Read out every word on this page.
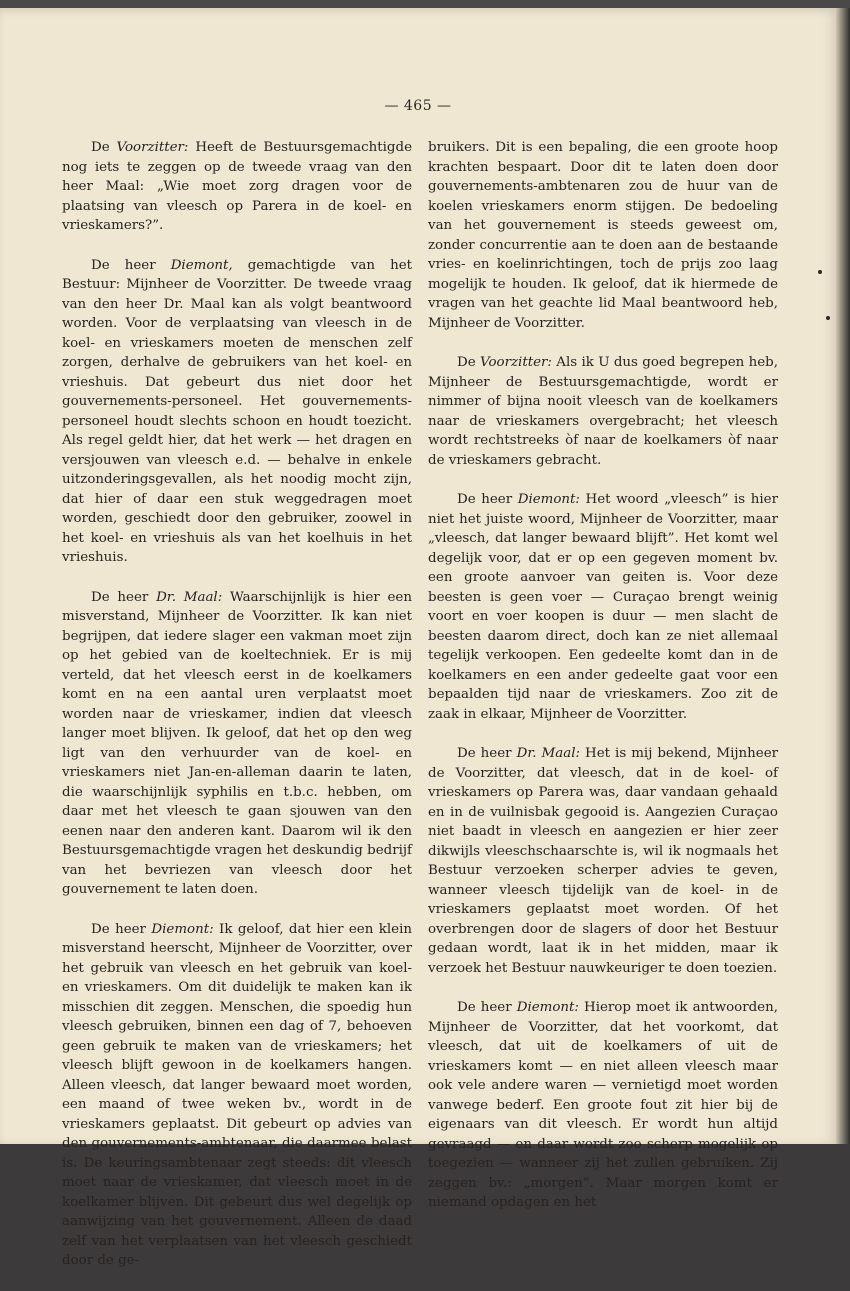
— 465 —

De Voorzitter: Heeft de Bestuursgemachtigde nog iets te zeggen op de tweede vraag van den heer Maal: „Wie moet zorg dragen voor de plaatsing van vleesch op Parera in de koel- en vrieskamers?”.

De heer Diemont, gemachtigde van het Bestuur: Mijnheer de Voorzitter. De tweede vraag van den heer Dr. Maal kan als volgt beantwoord worden. Voor de verplaatsing van vleesch in de koel- en vrieskamers moeten de menschen zelf zorgen, derhalve de gebruikers van het koel- en vrieshuis. Dat gebeurt dus niet door het gouvernements-personeel. Het gouvernements-personeel houdt slechts schoon en houdt toezicht. Als regel geldt hier, dat het werk — het dragen en versjouwen van vleesch e.d. — behalve in enkele uitzonderingsgevallen, als het noodig mocht zijn, dat hier of daar een stuk weggedragen moet worden, geschiedt door den gebruiker, zoowel in het koel- en vrieshuis als van het koelhuis in het vrieshuis.

De heer Dr. Maal: Waarschijnlijk is hier een misverstand, Mijnheer de Voorzitter. Ik kan niet begrijpen, dat iedere slager een vakman moet zijn op het gebied van de koeltechniek. Er is mij verteld, dat het vleesch eerst in de koelkamers komt en na een aantal uren verplaatst moet worden naar de vrieskamer, indien dat vleesch langer moet blijven. Ik geloof, dat het op den weg ligt van den verhuurder van de koel- en vrieskamers niet Jan-en-alleman daarin te laten, die waarschijnlijk syphilis en t.b.c. hebben, om daar met het vleesch te gaan sjouwen van den eenen naar den anderen kant. Daarom wil ik den Bestuursgemachtigde vragen het deskundig bedrijf van het bevriezen van vleesch door het gouvernement te laten doen.

De heer Diemont: Ik geloof, dat hier een klein misverstand heerscht, Mijnheer de Voorzitter, over het gebruik van vleesch en het gebruik van koel- en vrieskamers. Om dit duidelijk te maken kan ik misschien dit zeggen. Menschen, die spoedig hun vleesch gebruiken, binnen een dag of 7, behoeven geen gebruik te maken van de vrieskamers; het vleesch blijft gewoon in de koelkamers hangen. Alleen vleesch, dat langer bewaard moet worden, een maand of twee weken bv., wordt in de vrieskamers geplaatst. Dit gebeurt op advies van den gouvernements-ambtenaar, die daarmee belast is. De keuringsambtenaar zegt steeds: dit vleesch moet naar de vrieskamer, dat vleesch moet in de koelkamer blijven. Dit gebeurt dus wel degelijk op aanwijzing van het gouvernement. Alleen de daad zelf van het verplaatsen van het vleesch geschiedt door de ge-

bruikers. Dit is een bepaling, die een groote hoop krachten bespaart. Door dit te laten doen door gouvernements-ambtenaren zou de huur van de koelen vrieskamers enorm stijgen. De bedoeling van het gouvernement is steeds geweest om, zonder concurrentie aan te doen aan de bestaande vries- en koelinrichtingen, toch de prijs zoo laag mogelijk te houden. Ik geloof, dat ik hiermede de vragen van het geachte lid Maal beantwoord heb, Mijnheer de Voorzitter.

De Voorzitter: Als ik U dus goed begrepen heb, Mijnheer de Bestuursgemachtigde, wordt er nimmer of bijna nooit vleesch van de koelkamers naar de vrieskamers overgebracht; het vleesch wordt rechtstreeks òf naar de koelkamers òf naar de vrieskamers gebracht.

De heer Diemont: Het woord „vleesch” is hier niet het juiste woord, Mijnheer de Voorzitter, maar „vleesch, dat langer bewaard blijft”. Het komt wel degelijk voor, dat er op een gegeven moment bv. een groote aanvoer van geiten is. Voor deze beesten is geen voer — Curaçao brengt weinig voort en voer koopen is duur — men slacht de beesten daarom direct, doch kan ze niet allemaal tegelijk verkoopen. Een gedeelte komt dan in de koelkamers en een ander gedeelte gaat voor een bepaalden tijd naar de vrieskamers. Zoo zit de zaak in elkaar, Mijnheer de Voorzitter.

De heer Dr. Maal: Het is mij bekend, Mijnheer de Voorzitter, dat vleesch, dat in de koel- of vrieskamers op Parera was, daar vandaan gehaald en in de vuilnisbak gegooid is. Aangezien Curaçao niet baadt in vleesch en aangezien er hier zeer dikwijls vleeschschaarschte is, wil ik nogmaals het Bestuur verzoeken scherper advies te geven, wanneer vleesch tijdelijk van de koel- in de vrieskamers geplaatst moet worden. Of het overbrengen door de slagers of door het Bestuur gedaan wordt, laat ik in het midden, maar ik verzoek het Bestuur nauwkeuriger te doen toezien.

De heer Diemont: Hierop moet ik antwoorden, Mijnheer de Voorzitter, dat het voorkomt, dat vleesch, dat uit de koelkamers of uit de vrieskamers komt — en niet alleen vleesch maar ook vele andere waren — vernietigd moet worden vanwege bederf. Een groote fout zit hier bij de eigenaars van dit vleesch. Er wordt hun altijd gevraagd — en daar wordt zoo scherp mogelijk op toegezien — wanneer zij het zullen gebruiken. Zij zeggen bv.: „morgen”. Maar morgen komt er niemand opdagen en het
